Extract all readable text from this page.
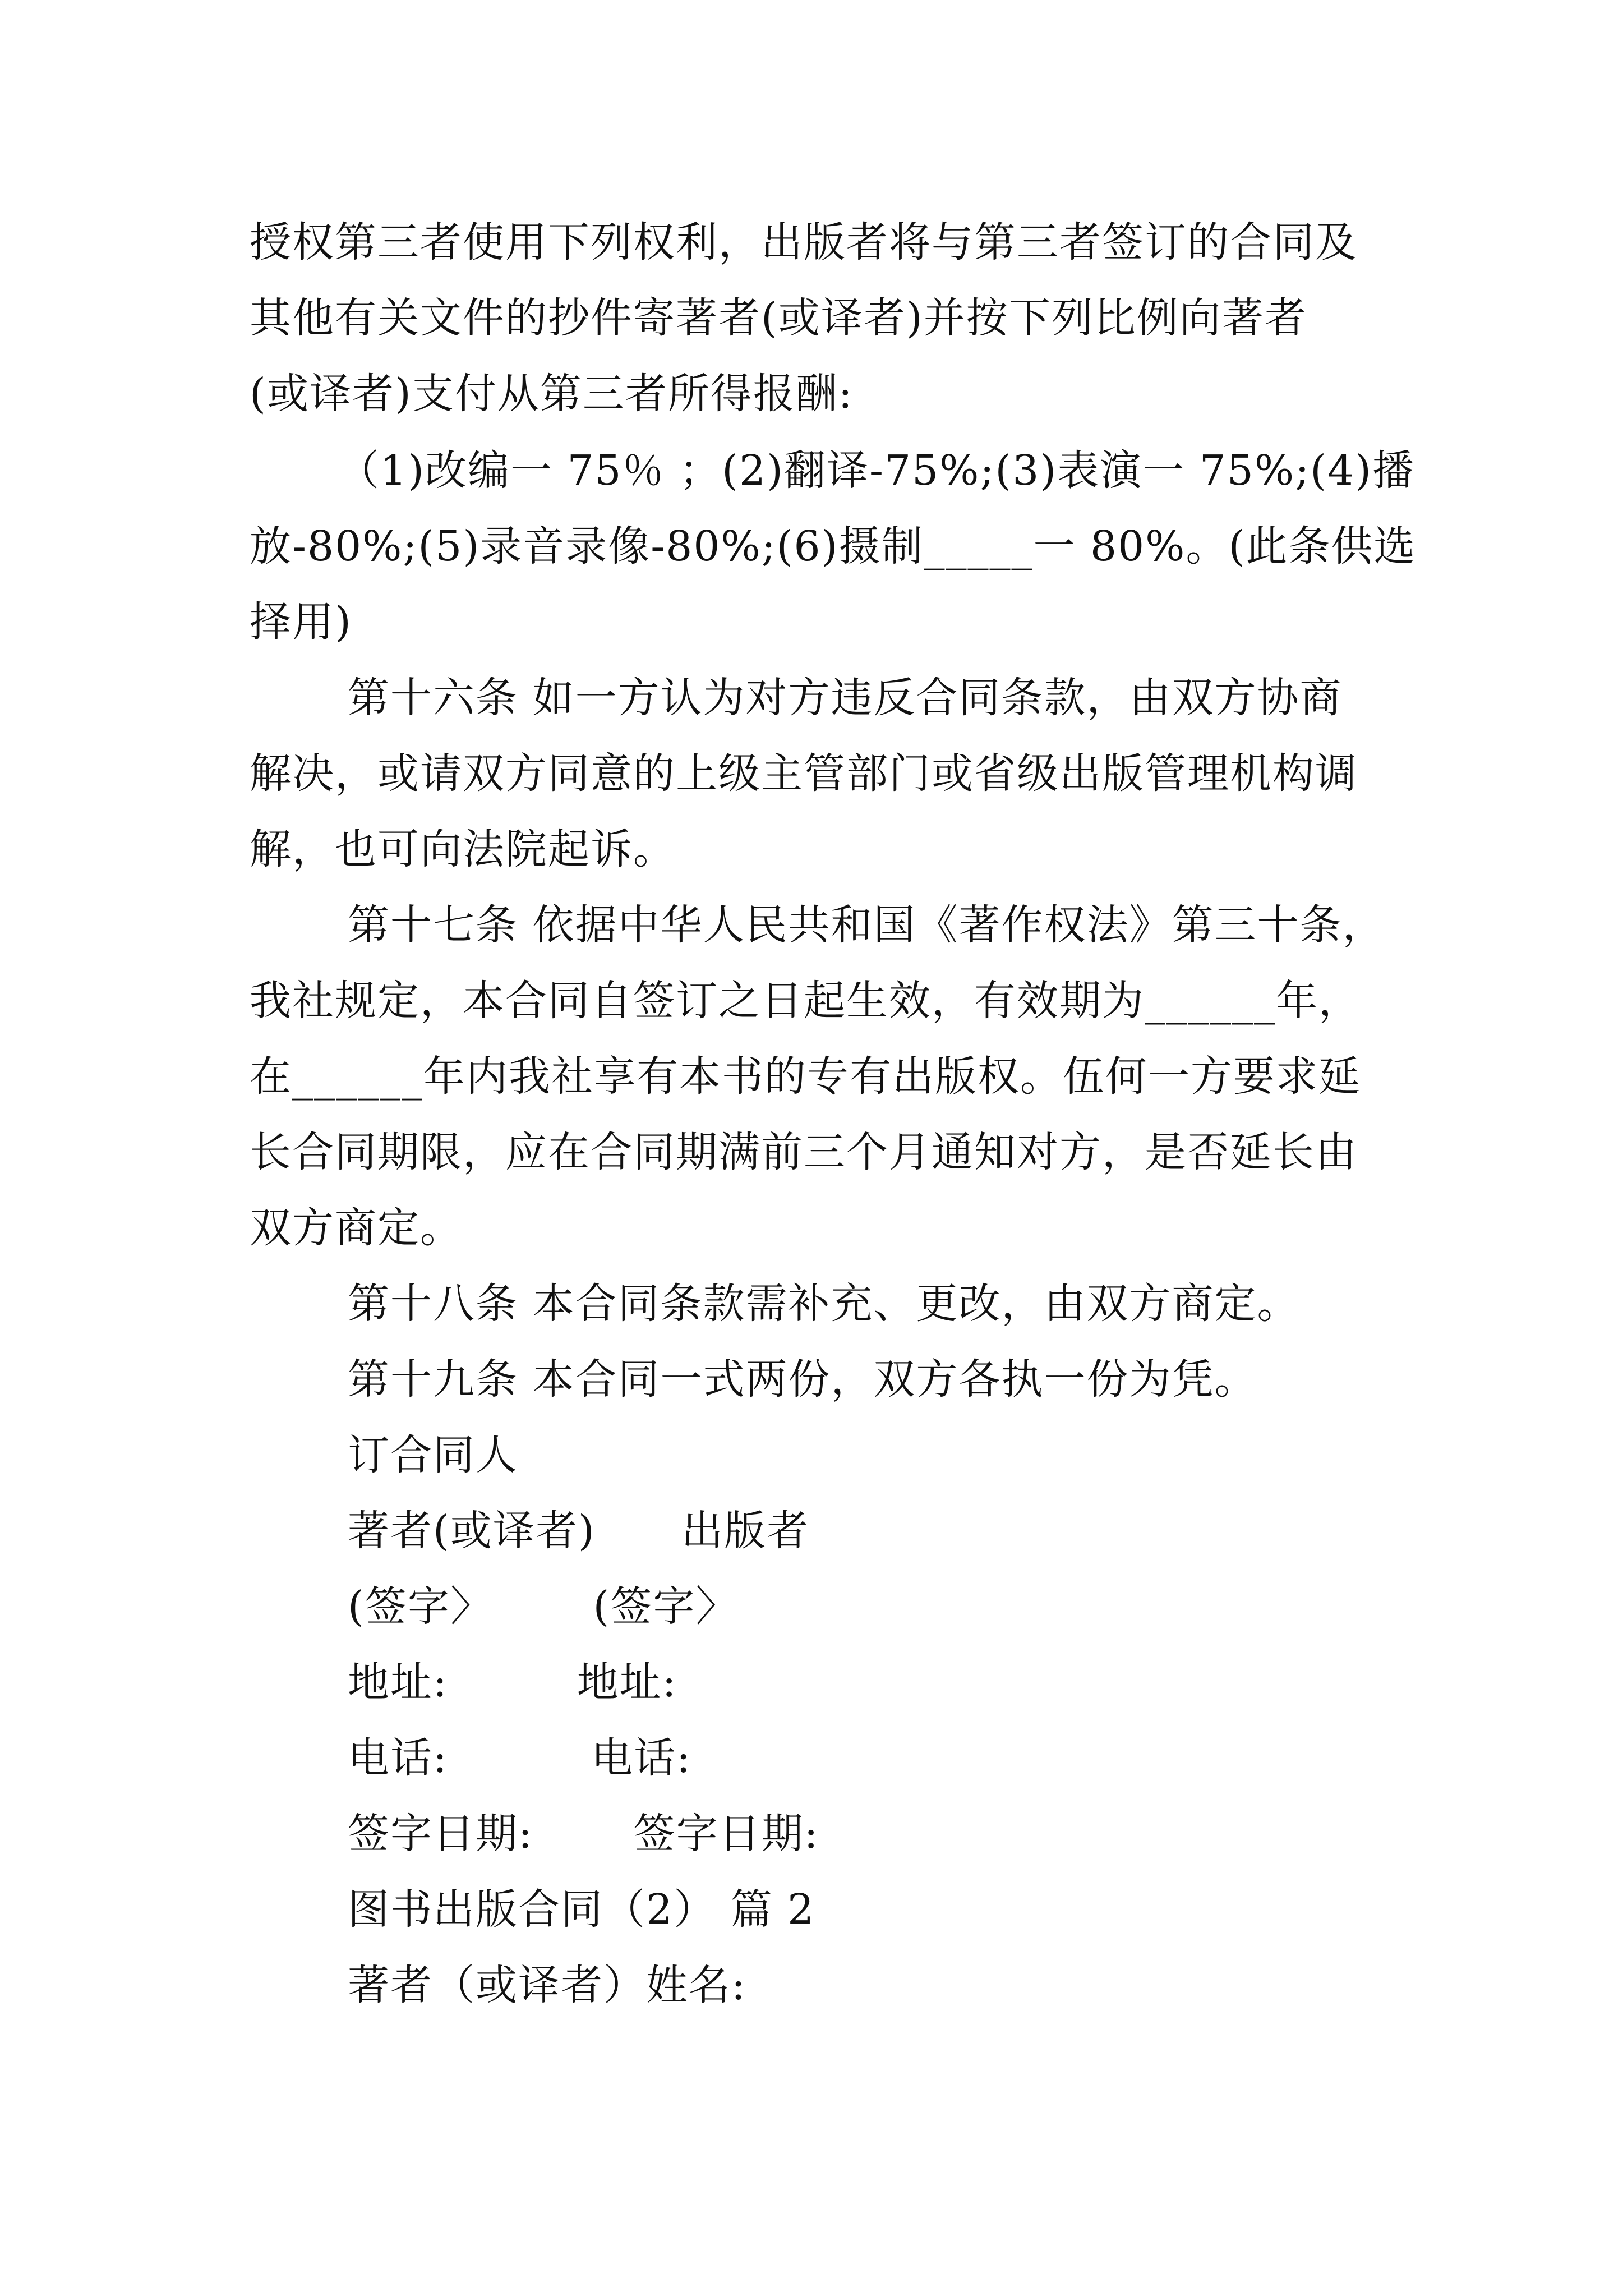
授权第三者使用下列权利，出版者将与第三者签订的合同及
其他有关文件的抄件寄著者(或译者)并按下列比例向著者
(或译者)支付从第三者所得报酬:
（1)改编一 75％ ；(2)翻译-75%;(3)表演一 75%;(4)播
放-80%;(5)录音录像-80%;(6)摄制_____一 80%。(此条供选
择用)
第十六条 如一方认为对方违反合同条款，由双方协商
解决，或请双方同意的上级主管部门或省级出版管理机构调
解，也可向法院起诉。
第十七条 依据中华人民共和国《著作权法》第三十条，
我社规定，本合同自签订之日起生效，有效期为______年，
在______年内我社享有本书的专有出版权。伍何一方要求延
长合同期限，应在合同期满前三个月通知对方，是否延长由
双方商定。
第十八条 本合同条款需补充、更改，由双方商定。
第十九条 本合同一式两份，双方各执一份为凭。
订合同人
著者(或译者)      出版者
(签字〉       (签字〉
地址:         地址:
电话:          电话:
签字日期:       签字日期:
图书出版合同（2） 篇 2
著者（或译者）姓名:
